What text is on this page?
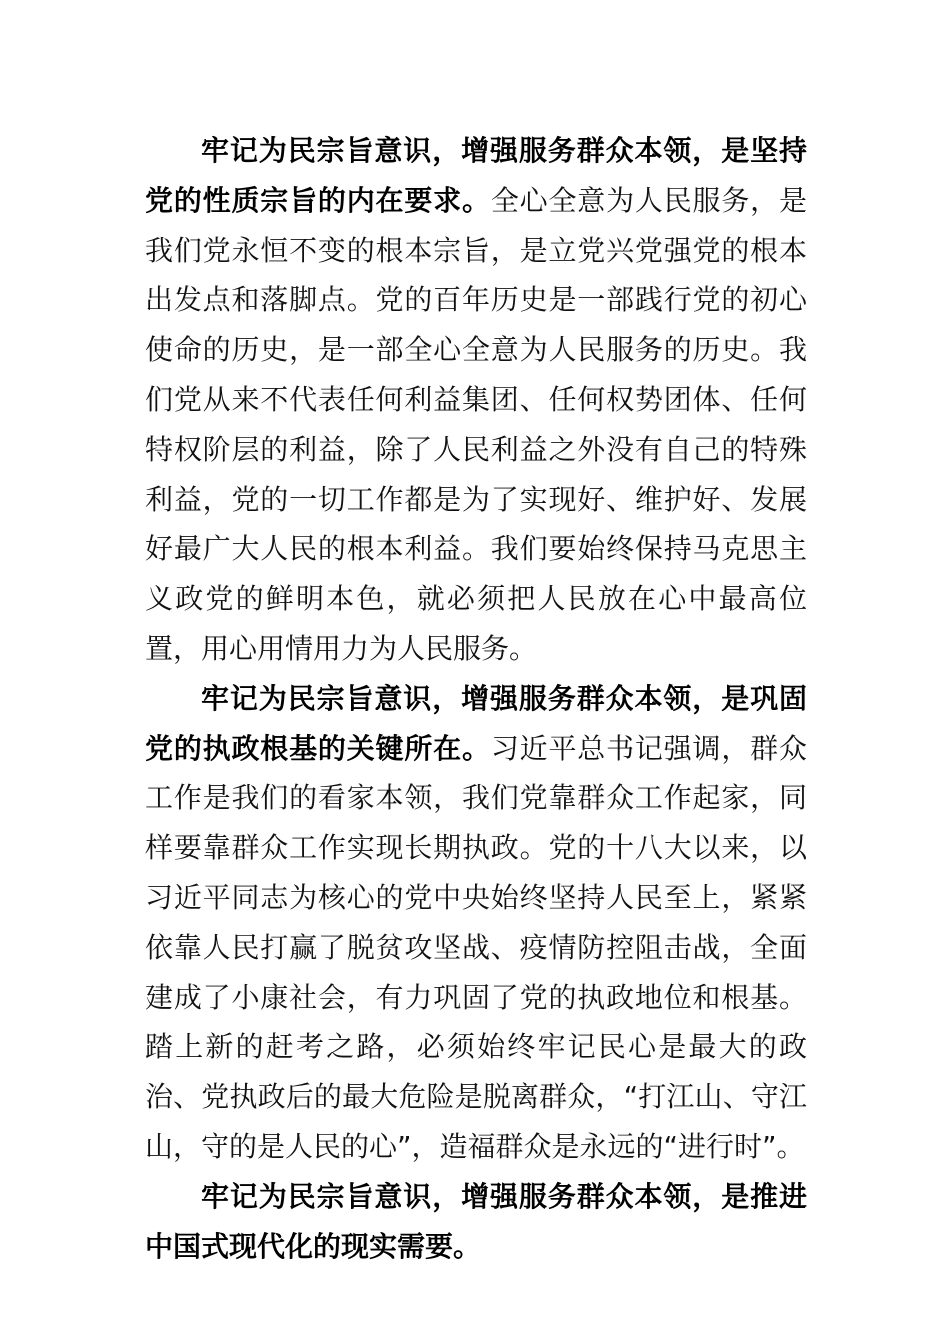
牢记为民宗旨意识，增强服务群众本领，是坚持党的性质宗旨的内在要求。全心全意为人民服务，是我们党永恒不变的根本宗旨，是立党兴党强党的根本出发点和落脚点。党的百年历史是一部践行党的初心使命的历史，是一部全心全意为人民服务的历史。我们党从来不代表任何利益集团、任何权势团体、任何特权阶层的利益，除了人民利益之外没有自己的特殊利益，党的一切工作都是为了实现好、维护好、发展好最广大人民的根本利益。我们要始终保持马克思主义政党的鲜明本色，就必须把人民放在心中最高位置，用心用情用力为人民服务。

牢记为民宗旨意识，增强服务群众本领，是巩固党的执政根基的关键所在。习近平总书记强调，群众工作是我们的看家本领，我们党靠群众工作起家，同样要靠群众工作实现长期执政。党的十八大以来，以习近平同志为核心的党中央始终坚持人民至上，紧紧依靠人民打赢了脱贫攻坚战、疫情防控阻击战，全面建成了小康社会，有力巩固了党的执政地位和根基。踏上新的赶考之路，必须始终牢记民心是最大的政治、党执政后的最大危险是脱离群众，“打江山、守江山，守的是人民的心”，造福群众是永远的“进行时”。

牢记为民宗旨意识，增强服务群众本领，是推进中国式现代化的现实需要。
